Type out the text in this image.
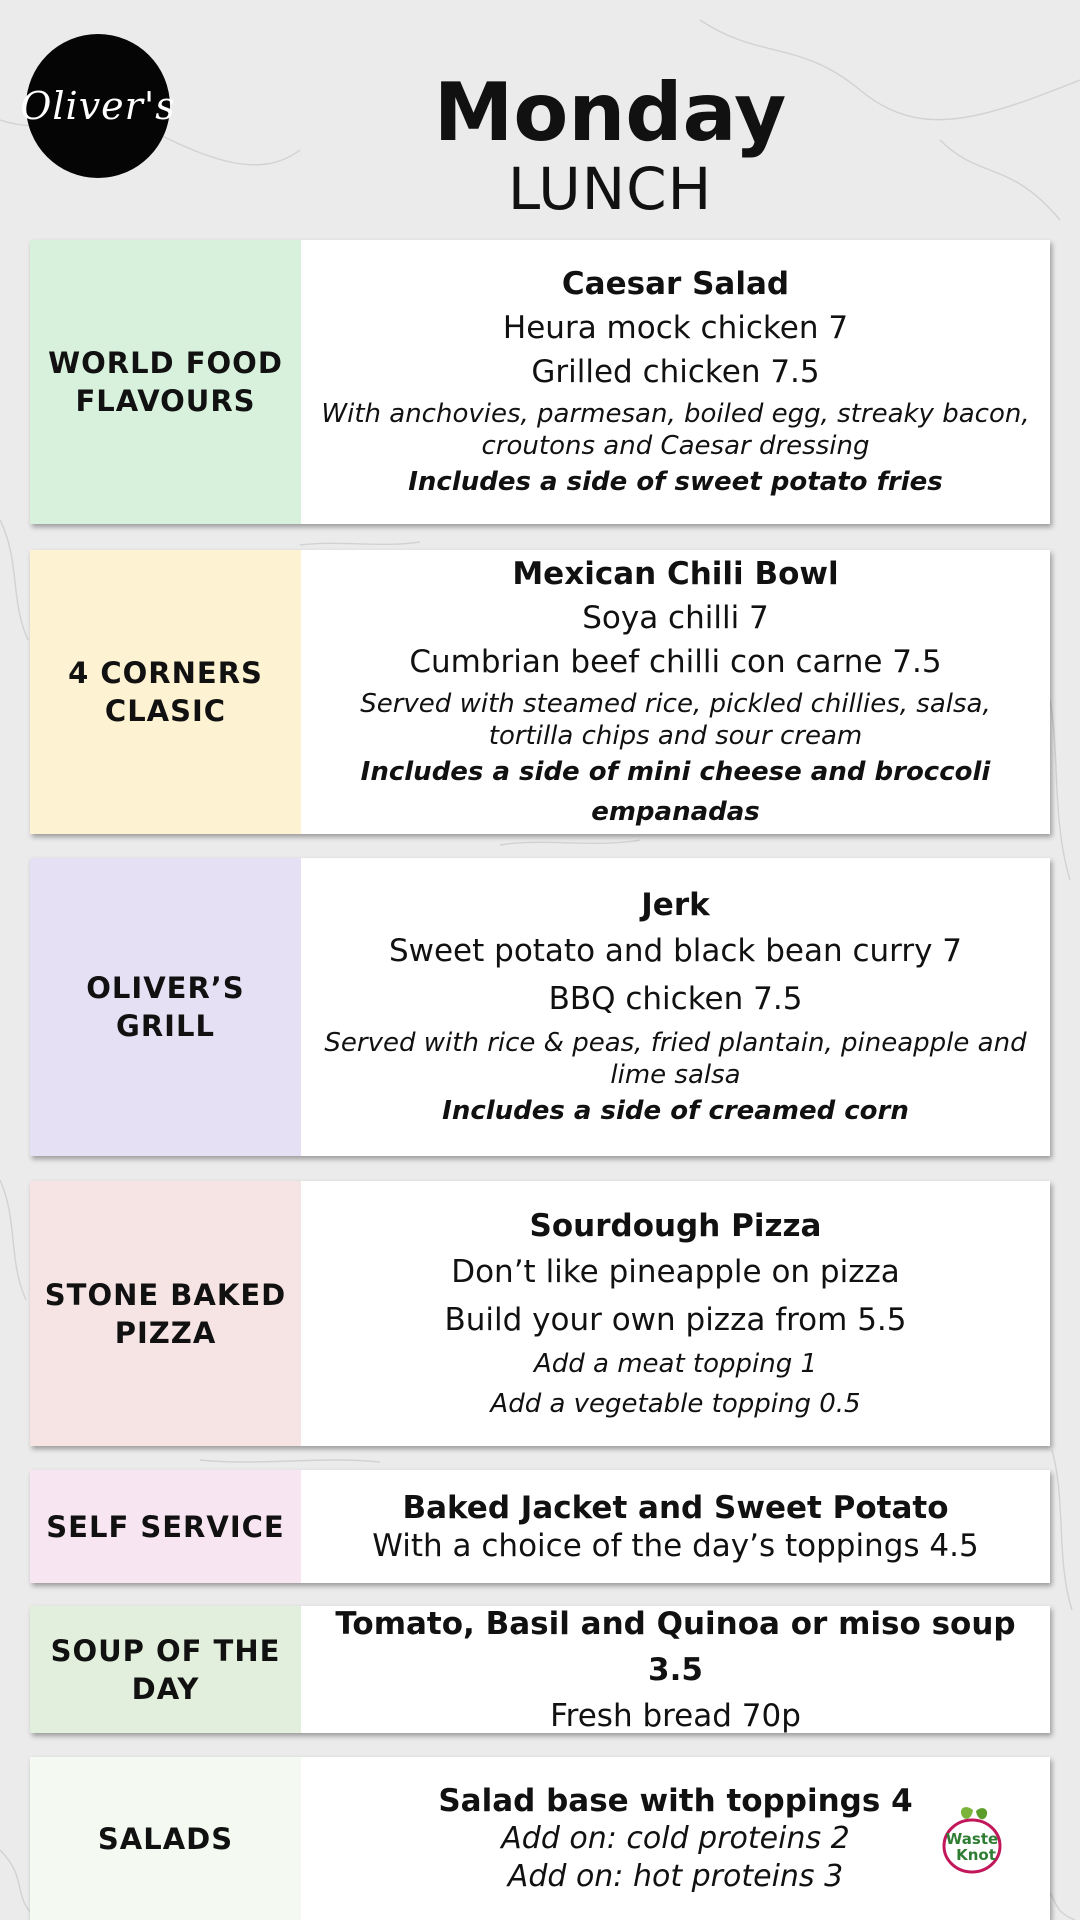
Oliver's	Monday
LUNCH
WORLD FOOD FLAVOURS
Caesar Salad
Heura mock chicken 7
Grilled chicken 7.5
With anchovies, parmesan, boiled egg, streaky bacon, croutons and Caesar dressing
Includes a side of sweet potato fries
4 CORNERS CLASIC
Mexican Chili Bowl
Soya chilli 7
Cumbrian beef chilli con carne 7.5
Served with steamed rice, pickled chillies, salsa, tortilla chips and sour cream
Includes a side of mini cheese and broccoli empanadas
OLIVER’S GRILL
Jerk
Sweet potato and black bean curry 7
BBQ chicken 7.5
Served with rice & peas, fried plantain, pineapple and lime salsa
Includes a side of creamed corn
STONE BAKED PIZZA
Sourdough Pizza
Don’t like pineapple on pizza
Build your own pizza from 5.5
Add a meat topping 1
Add a vegetable topping 0.5
SELF SERVICE
Baked Jacket and Sweet Potato
With a choice of the day’s toppings 4.5
SOUP OF THE DAY
Tomato, Basil and Quinoa or miso soup 3.5
Fresh bread 70p
SALADS
Salad base with toppings 4
Add on: cold proteins 2
Add on: hot proteins 3
Waste
Knot
